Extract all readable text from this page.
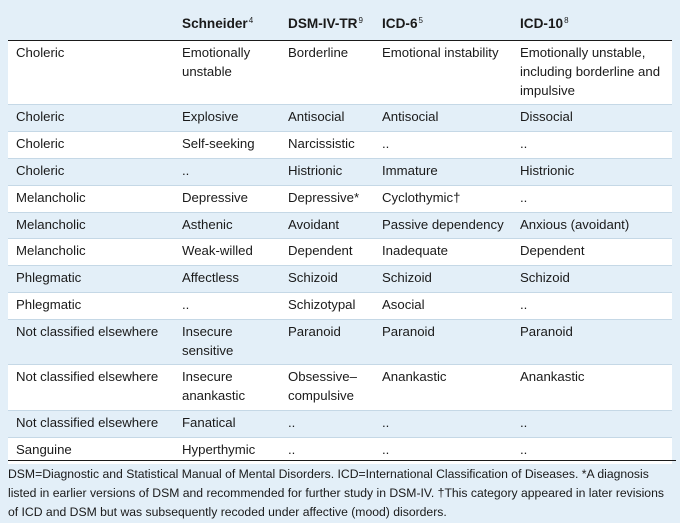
	Schneider$^4$	DSM-$IV-TR^9$	ICD-$6^5$	ICD-$10^8$
Choleric	Emotionally unstable	Borderline	Emotional instability	Emotionally unstable, including borderline and impulsive
Choleric	Explosive	Antisocial	Antisocial	Dissocial
Choleric	Self-seeking	Narcissistic	..	..
Choleric	..	Histrionic	Immature	Histrionic
Melancholic	Depressive	Depressive*	Cyclothymic†	..
Melancholic	Asthenic	Avoidant	Passive dependency	Anxious (avoidant)
Melancholic	Weak-willed	Dependent	Inadequate	Dependent
Phlegmatic	Affectless	Schizoid	Schizoid	Schizoid
Phlegmatic	..	Schizotypal	Asocial	..
Not classified elsewhere	Insecure sensitive	Paranoid	Paranoid	Paranoid
Not classified elsewhere	Insecure anankastic	Obsessive–compulsive	Anankastic	Anankastic
Not classified elsewhere	Fanatical	..	..	..
Sanguine	Hyperthymic	..	..	..

DSM=Diagnostic and Statistical Manual of Mental Disorders. ICD=International Classification of Diseases. *A diagnosis listed in earlier versions of DSM and recommended for further study in DSM-IV. †This category appeared in later revisions of ICD and DSM but was subsequently recoded under affective (mood) disorders.
